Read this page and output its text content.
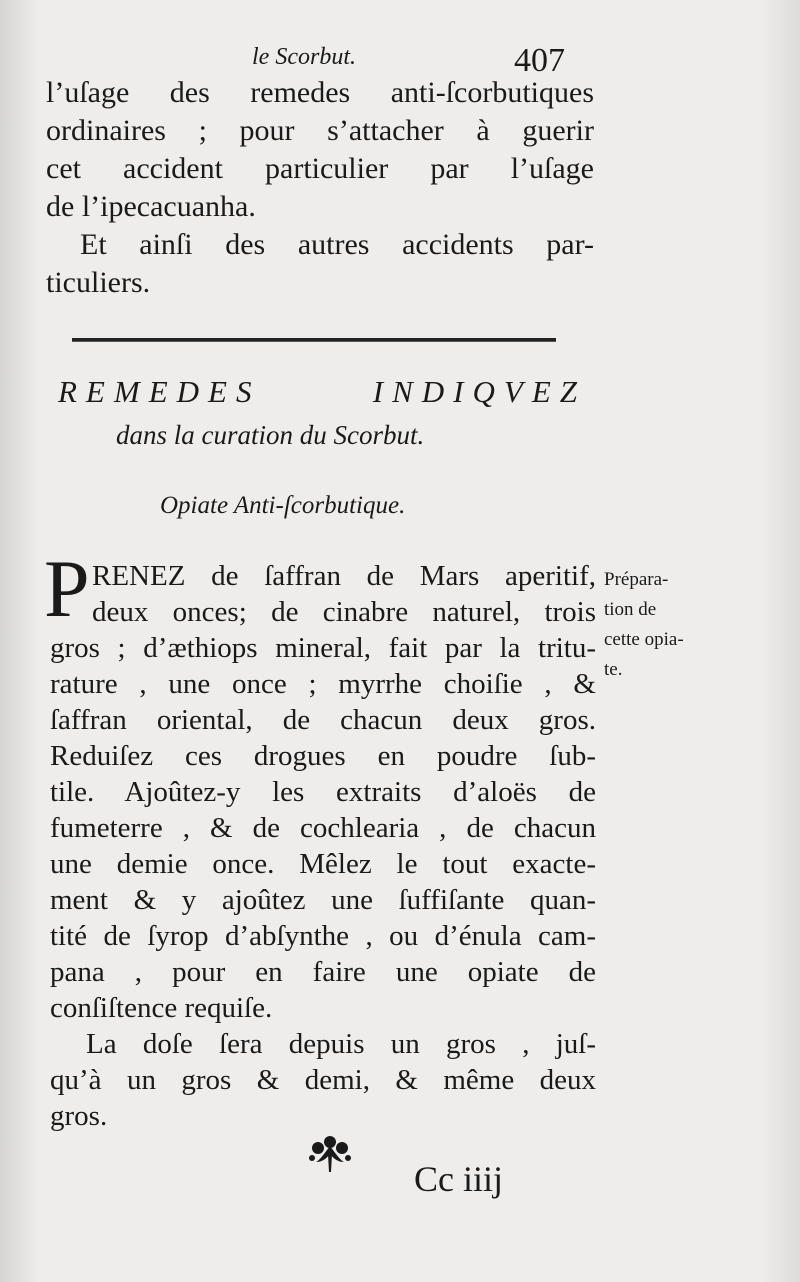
le Scorbut.	407
l’uſage des remedes anti-ſcorbutiques
ordinaires ; pour s’attacher à guerir
cet accident particulier par l’uſage
de l’ipecacuanha.
Et ainſi des autres accidents par-
ticuliers.
REMEDES INDIQVEZ
dans la curation du Scorbut.
Opiate Anti-ſcorbutique.
P RENEZ de ſaffran de Mars aperitif,
deux onces; de cinabre naturel, trois
gros ; d’æthiops mineral, fait par la tritu-
rature , une once ; myrrhe choiſie , &
ſaffran oriental, de chacun deux gros.
Reduiſez ces drogues en poudre ſub-
tile. Ajoûtez-y les extraits d’aloës de
fumeterre , & de cochlearia , de chacun
une demie once. Mêlez le tout exacte-
ment & y ajoûtez une ſuffiſante quan-
tité de ſyrop d’abſynthe , ou d’énula cam-
pana , pour en faire une opiate de
conſiſtence requiſe.
La doſe ſera depuis un gros , juſ-
qu’à un gros & demi, & même deux
gros.
Prépara-
tion de
cette opia-
te.
Cc iiij
